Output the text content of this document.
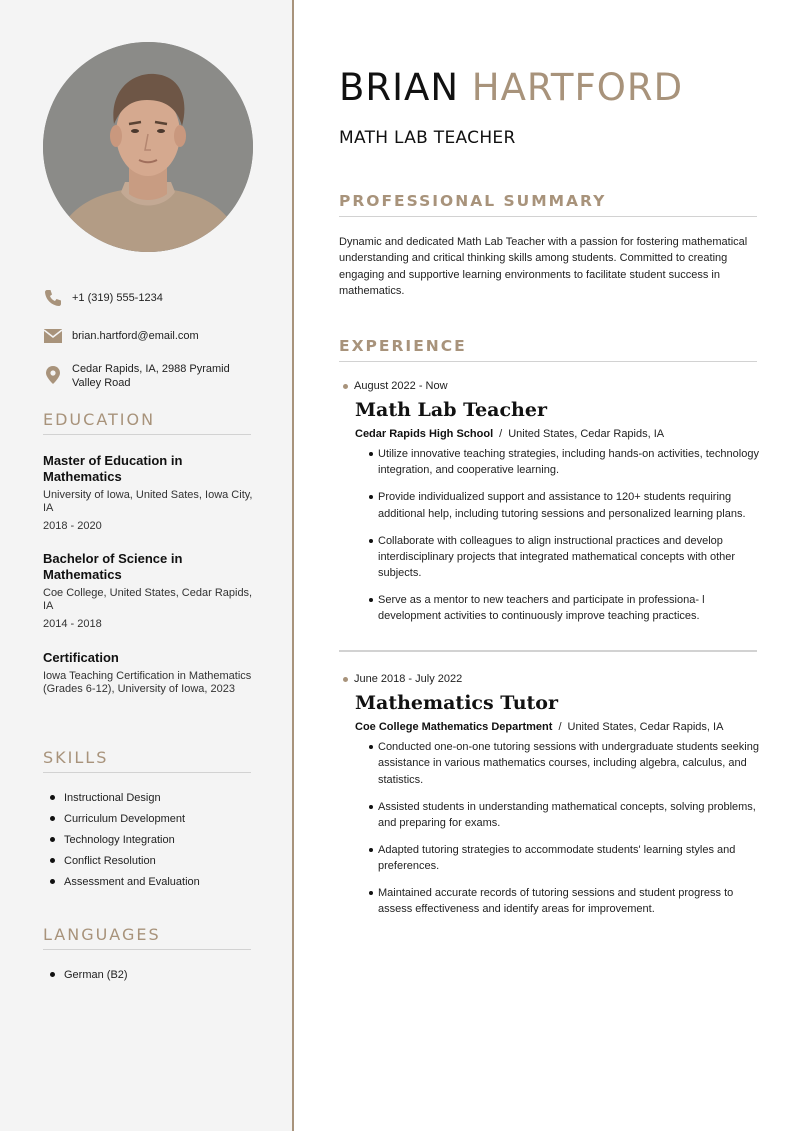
+1 (319) 555-1234
brian.hartford@email.com
Cedar Rapids, IA, 2988 Pyramid Valley Road
EDUCATION
Master of Education in Mathematics
University of Iowa, United Sates, Iowa City, IA
2018 - 2020
Bachelor of Science in Mathematics
Coe College, United States, Cedar Rapids, IA
2014 - 2018
Certification
Iowa Teaching Certification in Mathematics (Grades 6-12), University of Iowa, 2023
SKILLS
Instructional Design
Curriculum Development
Technology Integration
Conflict Resolution
Assessment and Evaluation
LANGUAGES
German (B2)
BRIAN HARTFORD
MATH LAB TEACHER
PROFESSIONAL SUMMARY

Dynamic and dedicated Math Lab Teacher with a passion for fostering mathematical understanding and critical thinking skills among students. Committed to creating engaging and supportive learning environments to facilitate student success in mathematics.

EXPERIENCE
August 2022 - Now
Math Lab Teacher
Cedar Rapids High School / United States, Cedar Rapids, IA
Utilize innovative teaching strategies, including hands-on activities, technology integration, and cooperative learning.
Provide individualized support and assistance to 120+ students requiring additional help, including tutoring sessions and personalized learning plans.
Collaborate with colleagues to align instructional practices and develop interdisciplinary projects that integrated mathematical concepts with other subjects.
Serve as a mentor to new teachers and participate in professiona- l development activities to continuously improve teaching practices.
June 2018 - July 2022
Mathematics Tutor
Coe College Mathematics Department / United States, Cedar Rapids, IA
Conducted one-on-one tutoring sessions with undergraduate students seeking assistance in various mathematics courses, including algebra, calculus, and statistics.
Assisted students in understanding mathematical concepts, solving problems, and preparing for exams.
Adapted tutoring strategies to accommodate students' learning styles and preferences.
Maintained accurate records of tutoring sessions and student progress to assess effectiveness and identify areas for improvement.
